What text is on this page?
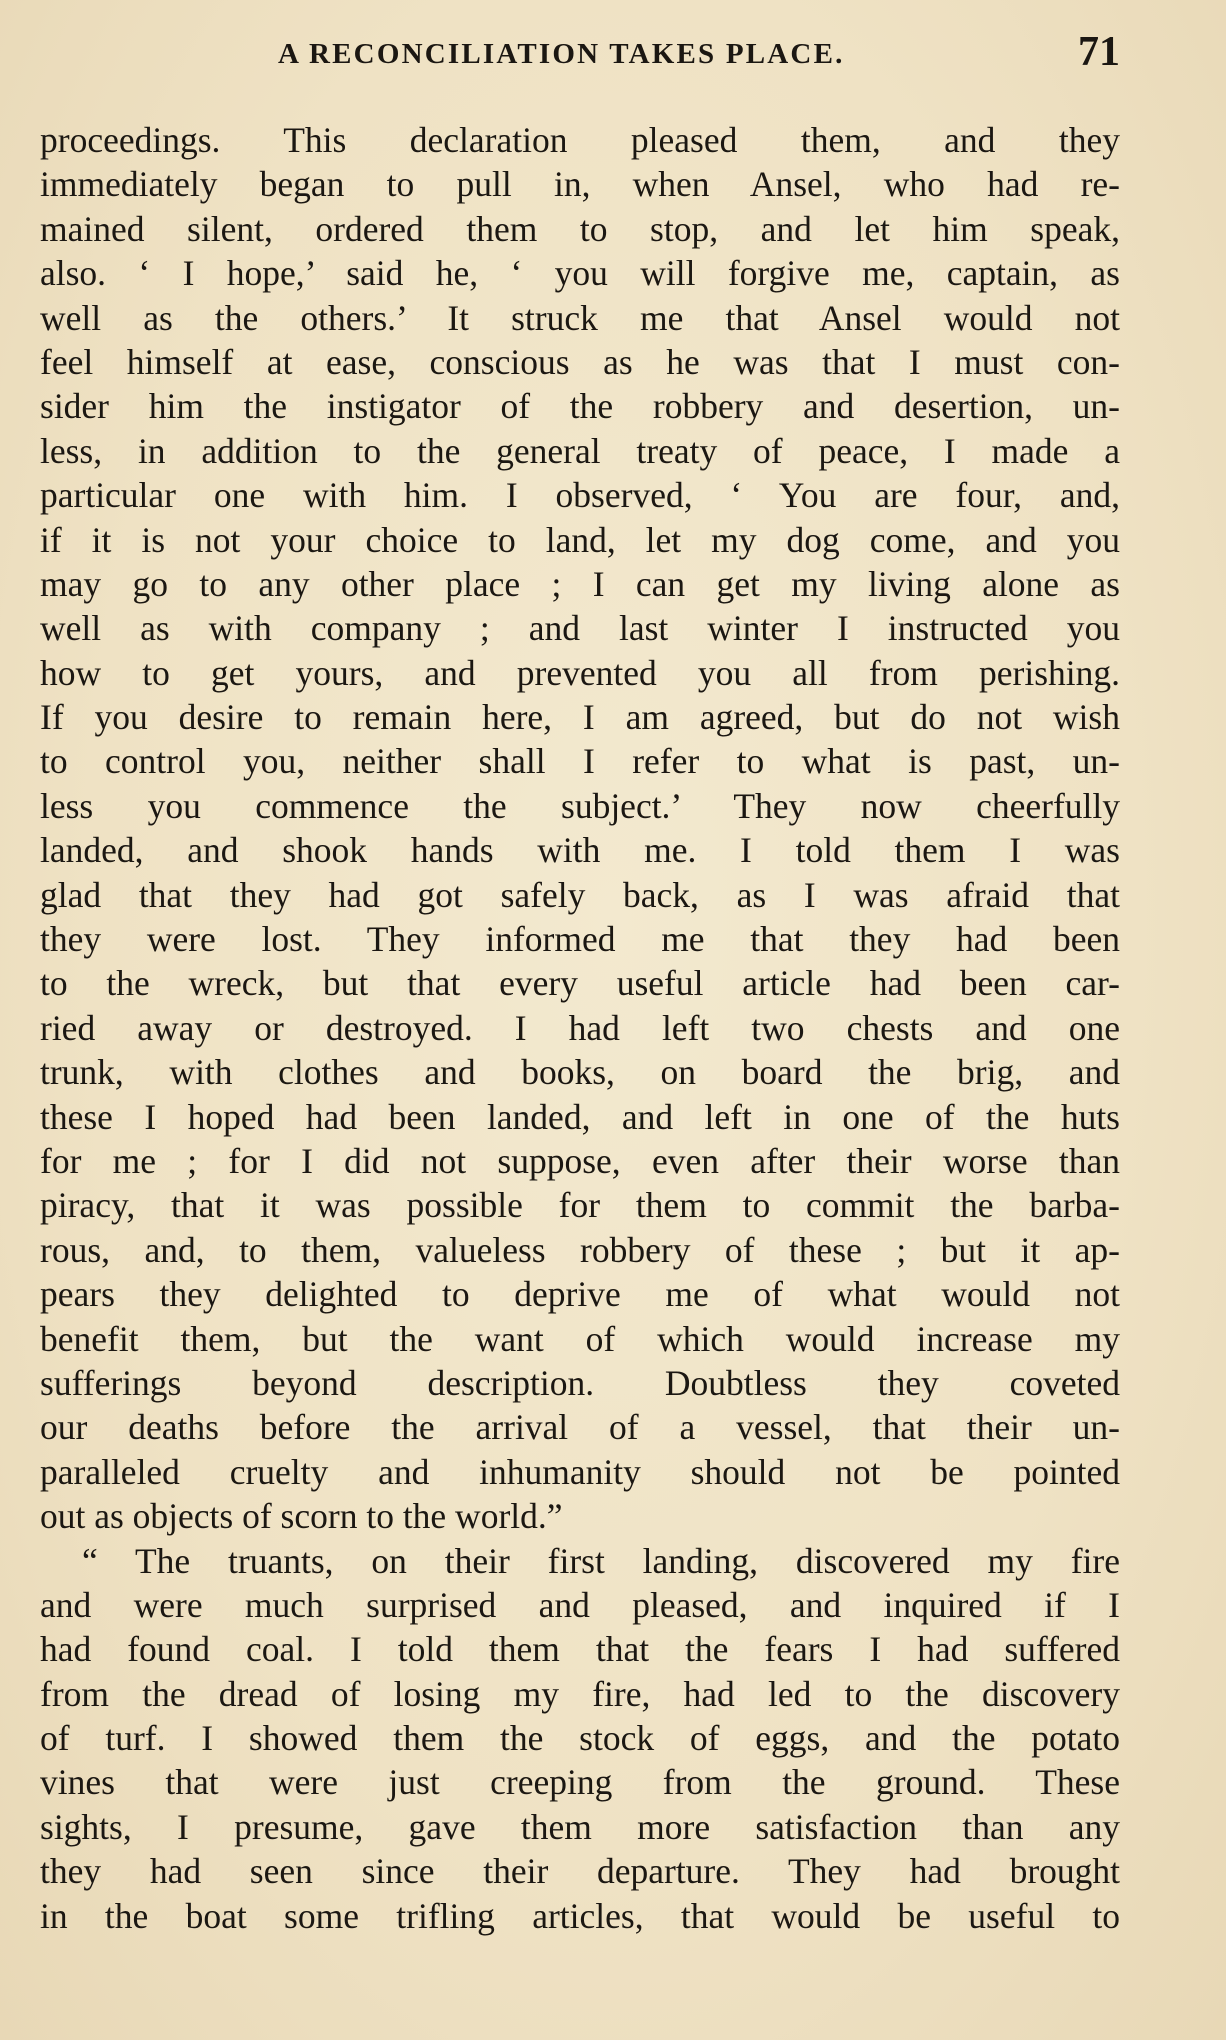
A RECONCILIATION TAKES PLACE.	71
proceedings. This declaration pleased them, and they
immediately began to pull in, when Ansel, who had re-
mained silent, ordered them to stop, and let him speak,
also. ‘ I hope,’ said he, ‘ you will forgive me, captain, as
well as the others.’ It struck me that Ansel would not
feel himself at ease, conscious as he was that I must con-
sider him the instigator of the robbery and desertion, un-
less, in addition to the general treaty of peace, I made a
particular one with him. I observed, ‘ You are four, and,
if it is not your choice to land, let my dog come, and you
may go to any other place ; I can get my living alone as
well as with company ; and last winter I instructed you
how to get yours, and prevented you all from perishing.
If you desire to remain here, I am agreed, but do not wish
to control you, neither shall I refer to what is past, un-
less you commence the subject.’ They now cheerfully
landed, and shook hands with me. I told them I was
glad that they had got safely back, as I was afraid that
they were lost. They informed me that they had been
to the wreck, but that every useful article had been car-
ried away or destroyed. I had left two chests and one
trunk, with clothes and books, on board the brig, and
these I hoped had been landed, and left in one of the huts
for me ; for I did not suppose, even after their worse than
piracy, that it was possible for them to commit the barba-
rous, and, to them, valueless robbery of these ; but it ap-
pears they delighted to deprive me of what would not
benefit them, but the want of which would increase my
sufferings beyond description. Doubtless they coveted
our deaths before the arrival of a vessel, that their un-
paralleled cruelty and inhumanity should not be pointed
out as objects of scorn to the world.”
“ The truants, on their first landing, discovered my fire
and were much surprised and pleased, and inquired if I
had found coal. I told them that the fears I had suffered
from the dread of losing my fire, had led to the discovery
of turf. I showed them the stock of eggs, and the potato
vines that were just creeping from the ground. These
sights, I presume, gave them more satisfaction than any
they had seen since their departure. They had brought
in the boat some trifling articles, that would be useful to
